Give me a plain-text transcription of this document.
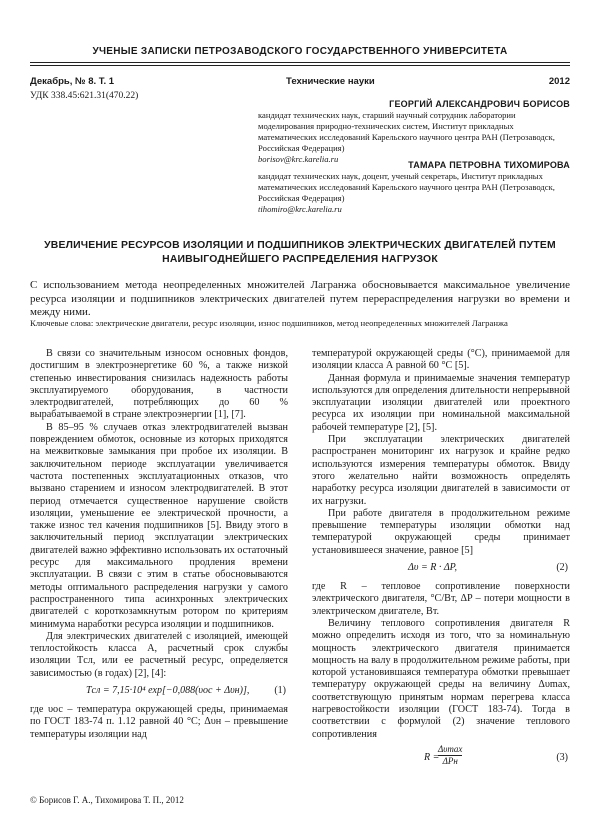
УЧЕНЫЕ ЗАПИСКИ ПЕТРОЗАВОДСКОГО ГОСУДАРСТВЕННОГО УНИВЕРСИТЕТА
Декабрь, № 8. Т. 1	Технические науки	2012
УДК 338.45:621.31(470.22)
ГЕОРГИЙ АЛЕКСАНДРОВИЧ БОРИСОВ
кандидат технических наук, старший научный сотрудник лаборатории моделирования природно-технических систем, Институт прикладных математических исследований Карельского научного центра РАН (Петрозаводск, Российская Федерация)
borisov@krc.karelia.ru
ТАМАРА ПЕТРОВНА ТИХОМИРОВА
кандидат технических наук, доцент, ученый секретарь, Институт прикладных математических исследований Карельского научного центра РАН (Петрозаводск, Российская Федерация)
tihomiro@krc.karelia.ru
УВЕЛИЧЕНИЕ РЕСУРСОВ ИЗОЛЯЦИИ И ПОДШИПНИКОВ ЭЛЕКТРИЧЕСКИХ ДВИГАТЕЛЕЙ ПУТЕМ НАИВЫГОДНЕЙШЕГО РАСПРЕДЕЛЕНИЯ НАГРУЗОК
С использованием метода неопределенных множителей Лагранжа обосновывается максимальное увеличение ресурса изоляции и подшипников электрических двигателей путем перераспределения нагрузки во времени и между ними.
Ключевые слова: электрические двигатели, ресурс изоляции, износ подшипников, метод неопределенных множителей Лагранжа

В связи со значительным износом основных фондов, достигшим в электроэнергетике 60 %, а также низкой степенью инвестирования снизилась надежность работы эксплуатируемого оборудования, в частности электродвигателей, потребляющих до 60 % вырабатываемой в стране электроэнергии [1], [7].

В 85–95 % случаев отказ электродвигателей вызван повреждением обмоток, основные из которых приходятся на межвитковые замыкания при пробое их изоляции. В заключительном периоде эксплуатации увеличивается частота постепенных эксплуатационных отказов, что вызвано старением и износом электродвигателей. В этот период отмечается существенное нарушение свойств изоляции, уменьшение ее электрической прочности, а также износ тел качения подшипников [5]. Ввиду этого в заключительный период эксплуатации электрических двигателей важно эффективно использовать их остаточный ресурс для максимального продления времени эксплуатации. В связи с этим в статье обосновываются методы оптимального распределения нагрузки у самого распространенного типа асинхронных электрических двигателей с короткозамкнутым ротором по критериям минимума наработки ресурса изоляции и подшипников.

Для электрических двигателей с изоляцией, имеющей теплостойкость класса А, расчетный срок службы изоляции Tсл, или ее расчетный ресурс, определяется зависимостью (в годах) [2], [4]:

Tсл = 7,15·10⁴ exp[−0,088(υос + Δυн)], (1)

где υос – температура окружающей среды, принимаемая по ГОСТ 183-74 п. 1.12 равной 40 °С; Δυн – превышение температуры изоляции над

температурой окружающей среды (°С), принимаемой для изоляции класса А равной 60 °С [5].

Данная формула и принимаемые значения температур используются для определения длительности непрерывной эксплуатации изоляции двигателей или проектного ресурса их изоляции при номинальной максимальной рабочей температуре [2], [5].

При эксплуатации электрических двигателей распространен мониторинг их нагрузок и крайне редко используются измерения температуры обмоток. Ввиду этого желательно найти возможность определять наработку ресурса изоляции двигателей в зависимости от их нагрузки.

При работе двигателя в продолжительном режиме превышение температуры изоляции обмотки над температурой окружающей среды принимает установившееся значение, равное [5]

Δυ = R · ΔP,	(2)

где R – тепловое сопротивление поверхности электрического двигателя, °С/Вт, ΔP – потери мощности в электрическом двигателе, Вт.

Величину теплового сопротивления двигателя R можно определить исходя из того, что за номинальную мощность электрического двигателя принимается мощность на валу в продолжительном режиме работы, при которой установившаяся температура обмотки превышает температуру окружающей среды на величину Δυmax, соответствующую принятым нормам перегрева класса нагревостойкости изоляции (ГОСТ 183-74). Тогда в соответствии с формулой (2) значение теплового сопротивления

R =
Δυmax
ΔPн	(3)
© Борисов Г. А., Тихомирова Т. П., 2012
